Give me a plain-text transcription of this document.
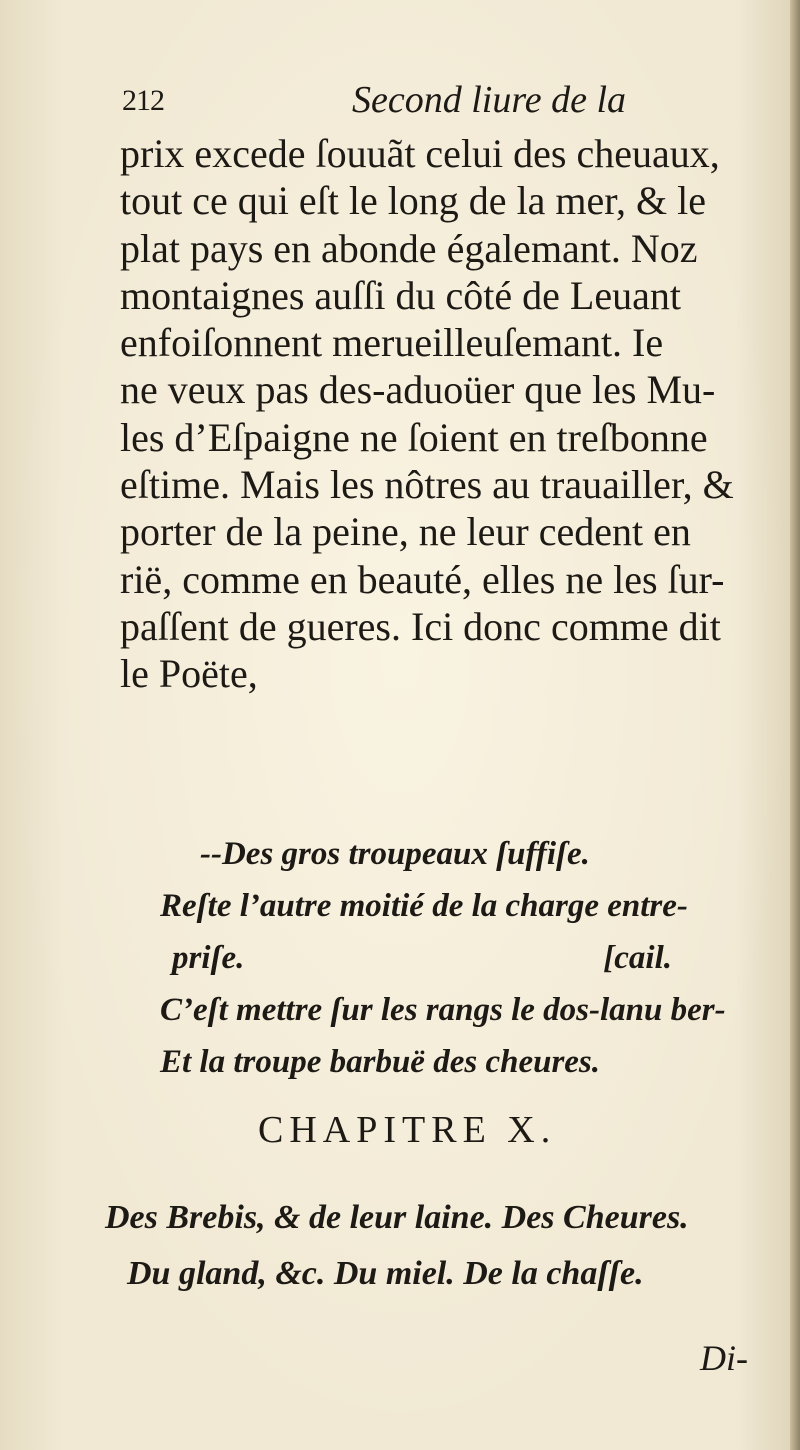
212	Second liure de la
prix excede ſouuãt celui des cheuaux,
tout ce qui eſt le long de la mer, & le
plat pays en abonde égalemant. Noz
montaignes auſſi du côté de Leuant
enfoiſonnent merueilleuſemant. Ie
ne veux pas des-aduoüer que les Mu-
les d’Eſpaigne ne ſoient en treſbonne
eſtime. Mais les nôtres au trauailler, &
porter de la peine, ne leur cedent en
rië, comme en beauté, elles ne les ſur-
paſſent de gueres. Ici donc comme dit
le Poëte,
--Des gros troupeaux ſuffiſe.
Reſte l’autre moitié de la charge entre-
priſe.	[cail.
C’eſt mettre ſur les rangs le dos-lanu ber-
Et la troupe barbuë des cheures.
CHAPITRE X.
Des Brebis, & de leur laine. Des Cheures.
Du gland, &c. Du miel. De la chaſſe.
Di-
